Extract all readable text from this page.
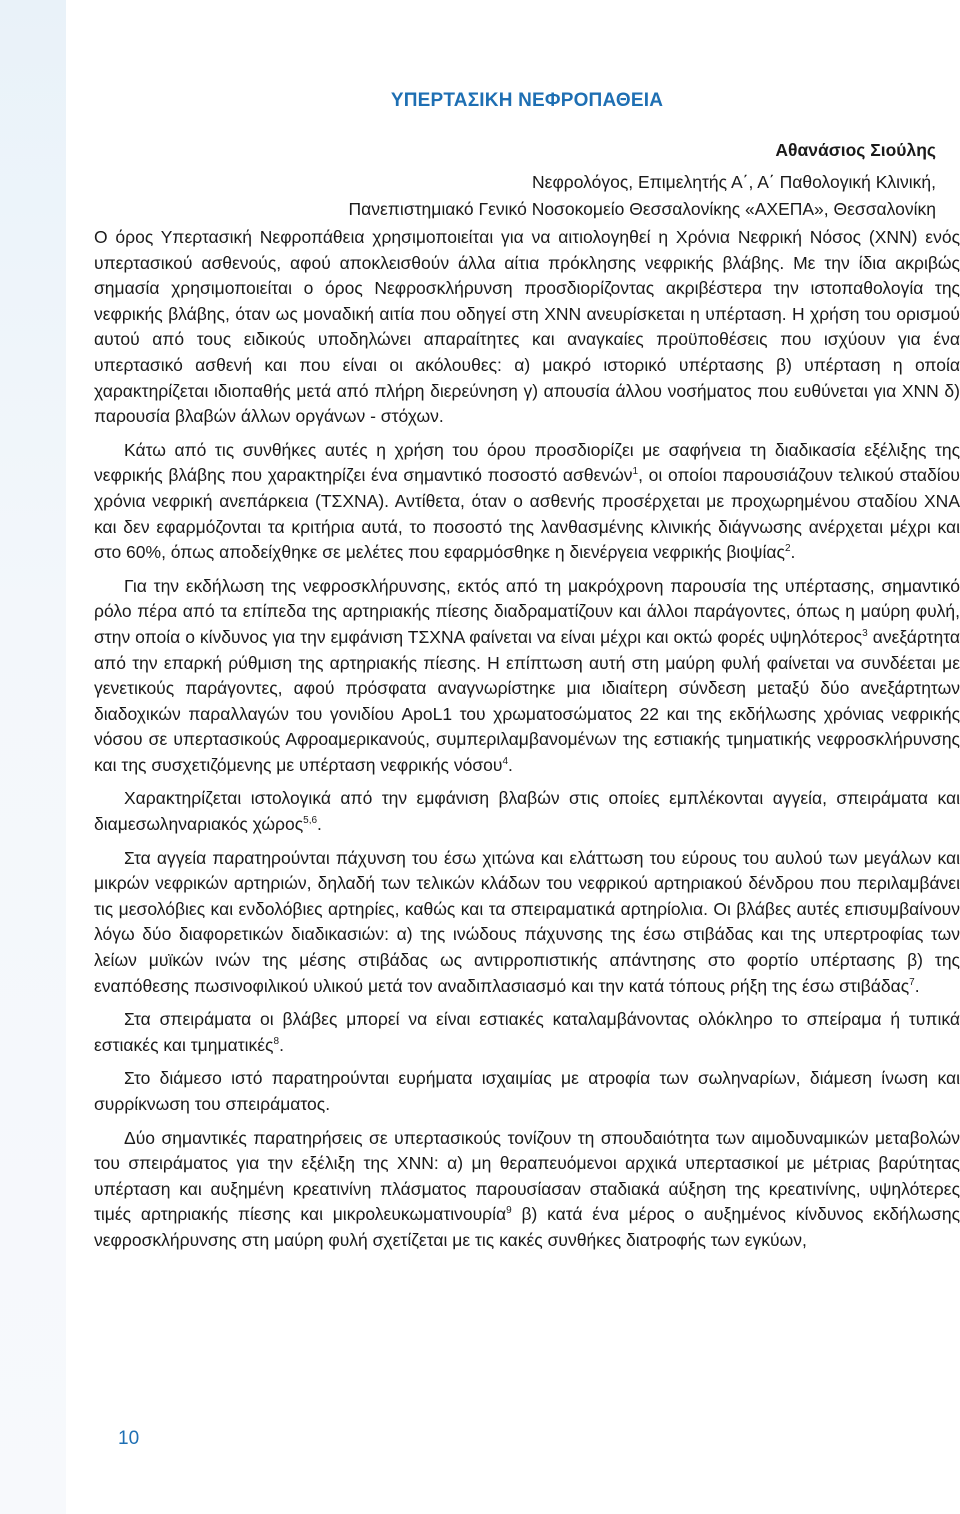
ΥΠΕΡΤΑΣΙΚΗ ΝΕΦΡΟΠΑΘΕΙΑ
Αθανάσιος Σιούλης
Νεφρολόγος, Επιμελητής Α΄, Α΄ Παθολογική Κλινική,
Πανεπιστημιακό Γενικό Νοσοκομείο Θεσσαλονίκης «ΑΧΕΠΑ», Θεσσαλονίκη

Ο όρος Υπερτασική Νεφροπάθεια χρησιμοποιείται για να αιτιολογηθεί η Χρόνια Νεφρική Νόσος (ΧΝΝ) ενός υπερτασικού ασθενούς, αφού αποκλεισθούν άλλα αίτια πρόκλησης νεφρικής βλάβης. Με την ίδια ακριβώς σημασία χρησιμοποιείται ο όρος Νεφροσκλήρυνση προσδιορίζοντας ακριβέστερα την ιστοπαθολογία της νεφρικής βλάβης, όταν ως μοναδική αιτία που οδηγεί στη ΧΝΝ ανευρίσκεται η υπέρταση. Η χρήση του ορισμού αυτού από τους ειδικούς υποδηλώνει απαραίτητες και αναγκαίες προϋποθέσεις που ισχύουν για ένα υπερτασικό ασθενή και που είναι οι ακόλουθες: α) μακρό ιστορικό υπέρτασης β) υπέρταση η οποία χαρακτηρίζεται ιδιοπαθής μετά από πλήρη διερεύνηση γ) απουσία άλλου νοσήματος που ευθύνεται για ΧΝΝ δ) παρουσία βλαβών άλλων οργάνων - στόχων.

Κάτω από τις συνθήκες αυτές η χρήση του όρου προσδιορίζει με σαφήνεια τη διαδικασία εξέλιξης της νεφρικής βλάβης που χαρακτηρίζει ένα σημαντικό ποσοστό ασθενών$^1$, οι οποίοι παρουσιάζουν τελικού σταδίου χρόνια νεφρική ανεπάρκεια (ΤΣΧΝΑ). Αντίθετα, όταν ο ασθενής προσέρχεται με προχωρημένου σταδίου ΧΝΑ και δεν εφαρμόζονται τα κριτήρια αυτά, το ποσοστό της λανθασμένης κλινικής διάγνωσης ανέρχεται μέχρι και στο 60%, όπως αποδείχθηκε σε μελέτες που εφαρμόσθηκε η διενέργεια νεφρικής βιοψίας$^2$.

Για την εκδήλωση της νεφροσκλήρυνσης, εκτός από τη μακρόχρονη παρουσία της υπέρτασης, σημαντικό ρόλο πέρα από τα επίπεδα της αρτηριακής πίεσης διαδραματίζουν και άλλοι παράγοντες, όπως η μαύρη φυλή, στην οποία ο κίνδυνος για την εμφάνιση ΤΣΧΝΑ φαίνεται να είναι μέχρι και οκτώ φορές υψηλότερος$^3$ ανεξάρτητα από την επαρκή ρύθμιση της αρτηριακής πίεσης. Η επίπτωση αυτή στη μαύρη φυλή φαίνεται να συνδέεται με γενετικούς παράγοντες, αφού πρόσφατα αναγνωρίστηκε μια ιδιαίτερη σύνδεση μεταξύ δύο ανεξάρτητων διαδοχικών παραλλαγών του γονιδίου ApoL1 του χρωματοσώματος 22 και της εκδήλωσης χρόνιας νεφρικής νόσου σε υπερτασικούς Αφροαμερικανούς, συμπεριλαμβανομένων της εστιακής τμηματικής νεφροσκλήρυνσης και της συσχετιζόμενης με υπέρταση νεφρικής νόσου$^4$.

Χαρακτηρίζεται ιστολογικά από την εμφάνιση βλαβών στις οποίες εμπλέκονται αγγεία, σπειράματα και διαμεσωληναριακός χώρος$^{5,6}$.

Στα αγγεία παρατηρούνται πάχυνση του έσω χιτώνα και ελάττωση του εύρους του αυλού των μεγάλων και μικρών νεφρικών αρτηριών, δηλαδή των τελικών κλάδων του νεφρικού αρτηριακού δένδρου που περιλαμβάνει τις μεσολόβιες και ενδολόβιες αρτηρίες, καθώς και τα σπειραματικά αρτηρίολια. Οι βλάβες αυτές επισυμβαίνουν λόγω δύο διαφορετικών διαδικασιών: α) της ινώδους πάχυνσης της έσω στιβάδας και της υπερτροφίας των λείων μυϊκών ινών της μέσης στιβάδας ως αντιρροπιστικής απάντησης στο φορτίο υπέρτασης β) της εναπόθεσης πωσινοφιλικού υλικού μετά τον αναδιπλασιασμό και την κατά τόπους ρήξη της έσω στιβάδας$^7$.

Στα σπειράματα οι βλάβες μπορεί να είναι εστιακές καταλαμβάνοντας ολόκληρο το σπείραμα ή τυπικά εστιακές και τμηματικές$^8$.

Στο διάμεσο ιστό παρατηρούνται ευρήματα ισχαιμίας με ατροφία των σωληναρίων, διάμεση ίνωση και συρρίκνωση του σπειράματος.

Δύο σημαντικές παρατηρήσεις σε υπερτασικούς τονίζουν τη σπουδαιότητα των αιμοδυναμικών μεταβολών του σπειράματος για την εξέλιξη της ΧΝΝ: α) μη θεραπευόμενοι αρχικά υπερτασικοί με μέτριας βαρύτητας υπέρταση και αυξημένη κρεατινίνη πλάσματος παρουσίασαν σταδιακά αύξηση της κρεατινίνης, υψηλότερες τιμές αρτηριακής πίεσης και μικρολευκωματινουρία$^9$ β) κατά ένα μέρος ο αυξημένος κίνδυνος εκδήλωσης νεφροσκλήρυνσης στη μαύρη φυλή σχετίζεται με τις κακές συνθήκες διατροφής των εγκύων,

10
